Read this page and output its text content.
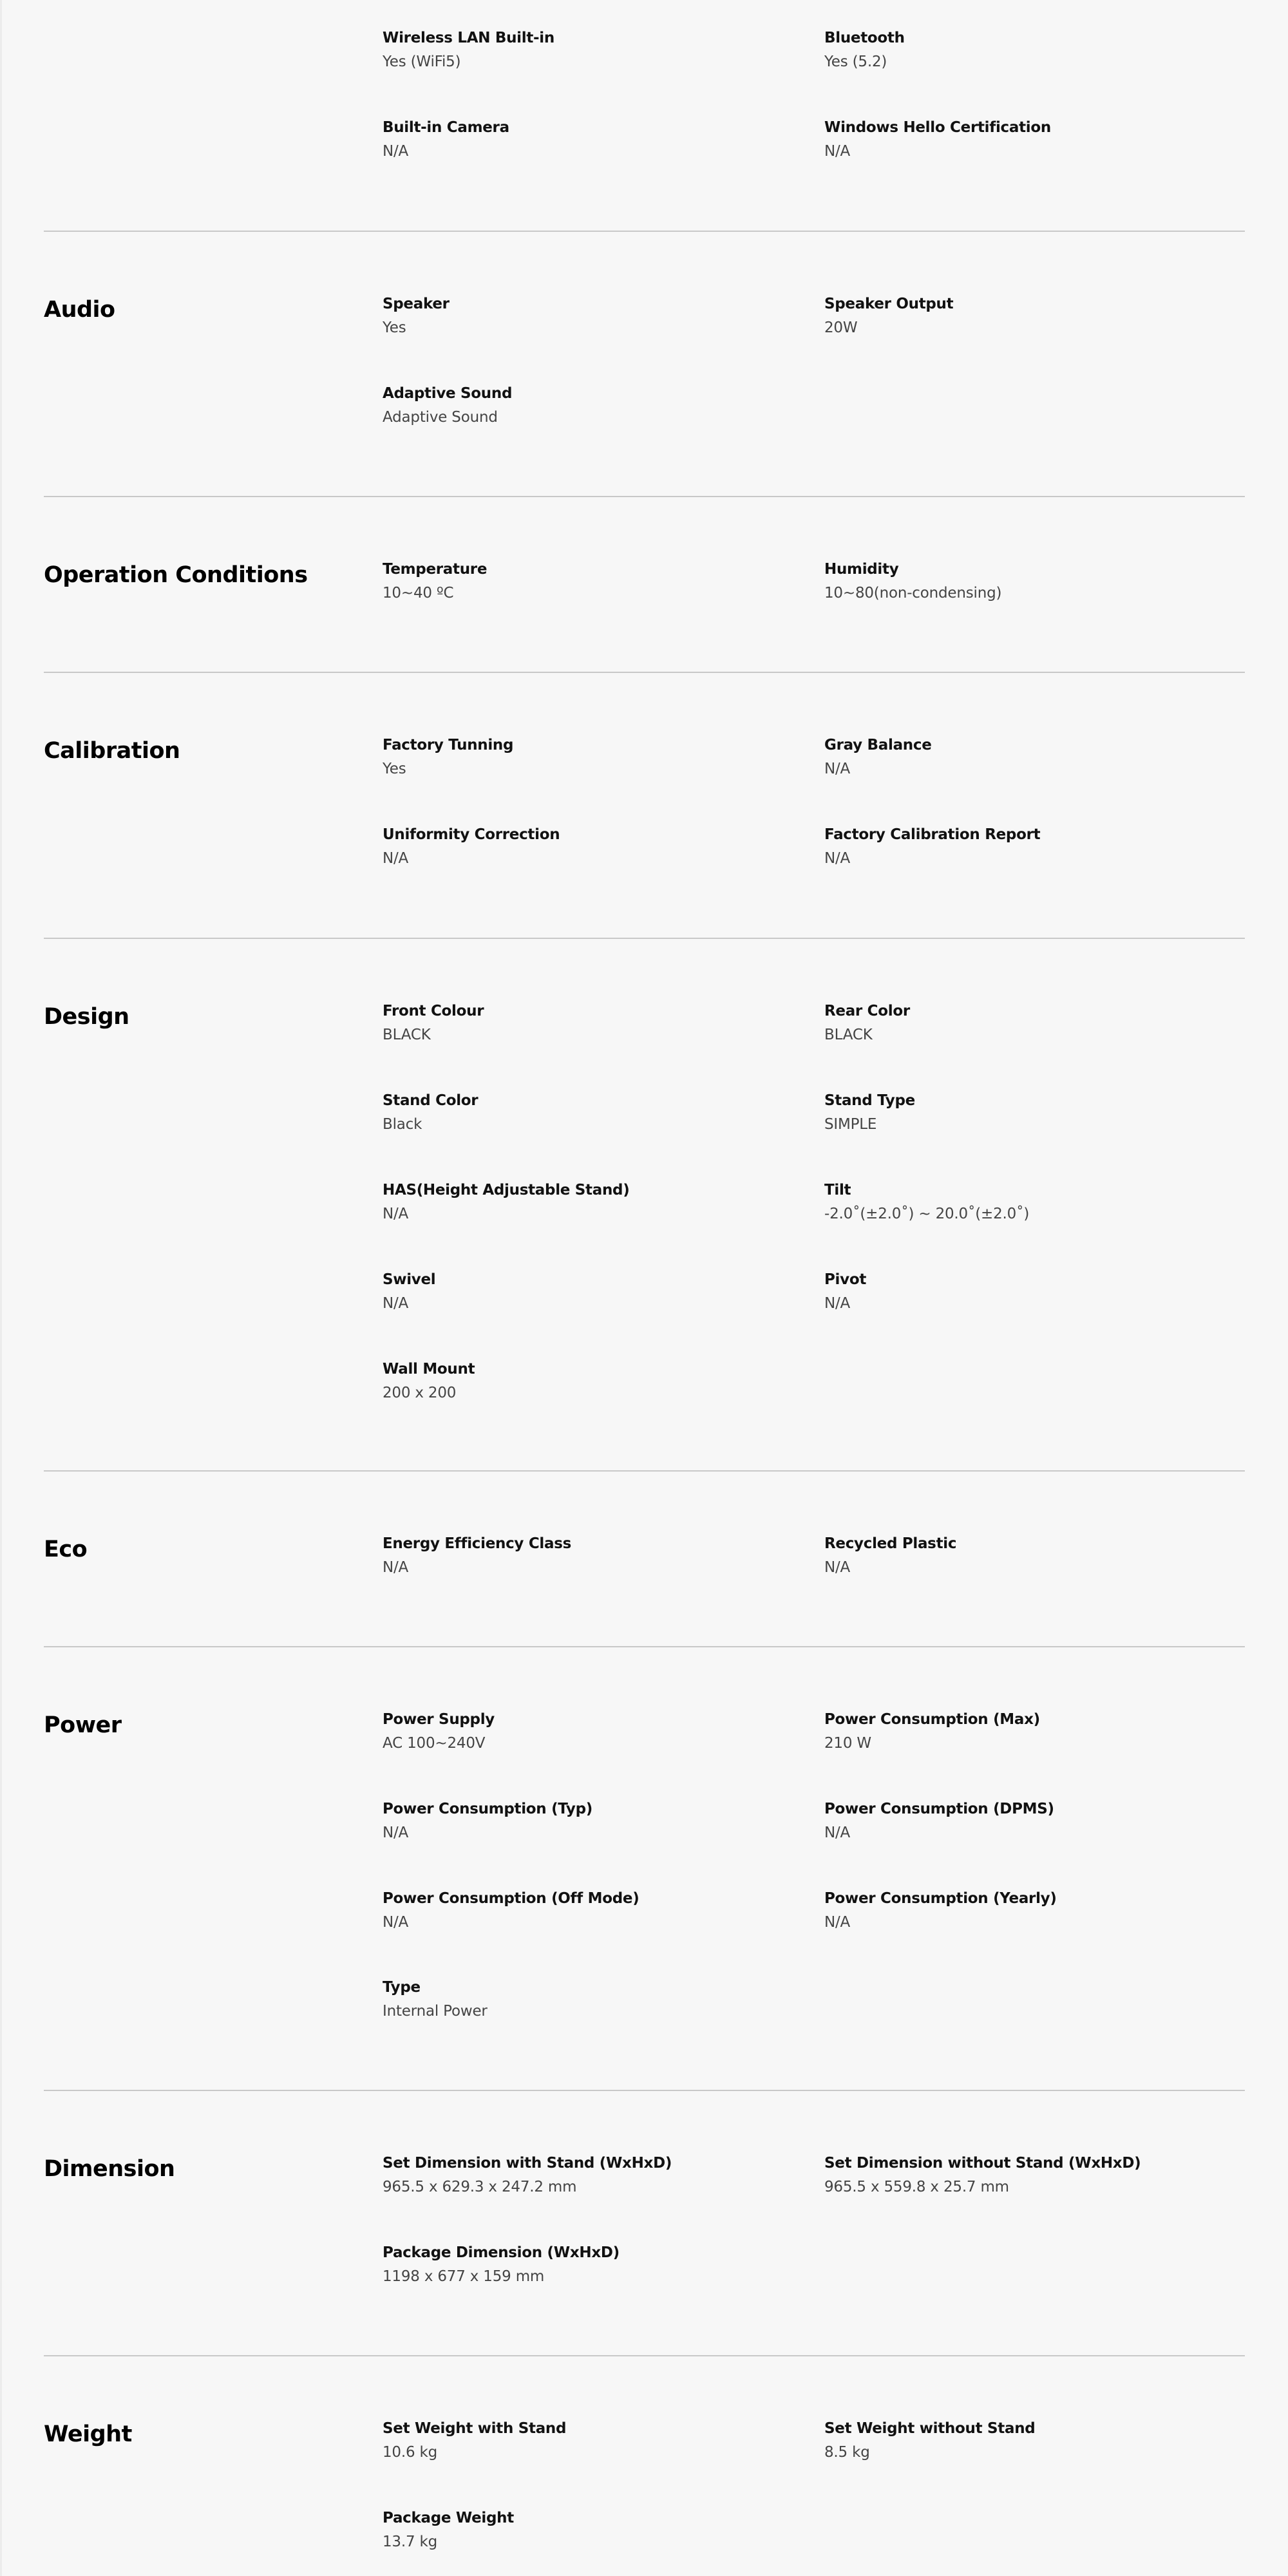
Wireless LAN Built-in
Yes (WiFi5)
Bluetooth
Yes (5.2)
Built-in Camera
N/A
Windows Hello Certification
N/A
Audio	Speaker
Yes
Speaker Output
20W
Adaptive Sound
Adaptive Sound
Operation Conditions	Temperature
10~40 ºC
Humidity
10~80(non-condensing)
Calibration	Factory Tunning
Yes
Gray Balance
N/A
Uniformity Correction
N/A
Factory Calibration Report
N/A
Design	Front Colour
BLACK
Rear Color
BLACK
Stand Color
Black
Stand Type
SIMPLE
HAS(Height Adjustable Stand)
N/A
Tilt
-2.0˚(±2.0˚) ~ 20.0˚(±2.0˚)
Swivel
N/A
Pivot
N/A
Wall Mount
200 x 200
Eco	Energy Efficiency Class
N/A
Recycled Plastic
N/A
Power	Power Supply
AC 100~240V
Power Consumption (Max)
210 W
Power Consumption (Typ)
N/A
Power Consumption (DPMS)
N/A
Power Consumption (Off Mode)
N/A
Power Consumption (Yearly)
N/A
Type
Internal Power
Dimension	Set Dimension with Stand (WxHxD)
965.5 x 629.3 x 247.2 mm
Set Dimension without Stand (WxHxD)
965.5 x 559.8 x 25.7 mm
Package Dimension (WxHxD)
1198 x 677 x 159 mm
Weight	Set Weight with Stand
10.6 kg
Set Weight without Stand
8.5 kg
Package Weight
13.7 kg
